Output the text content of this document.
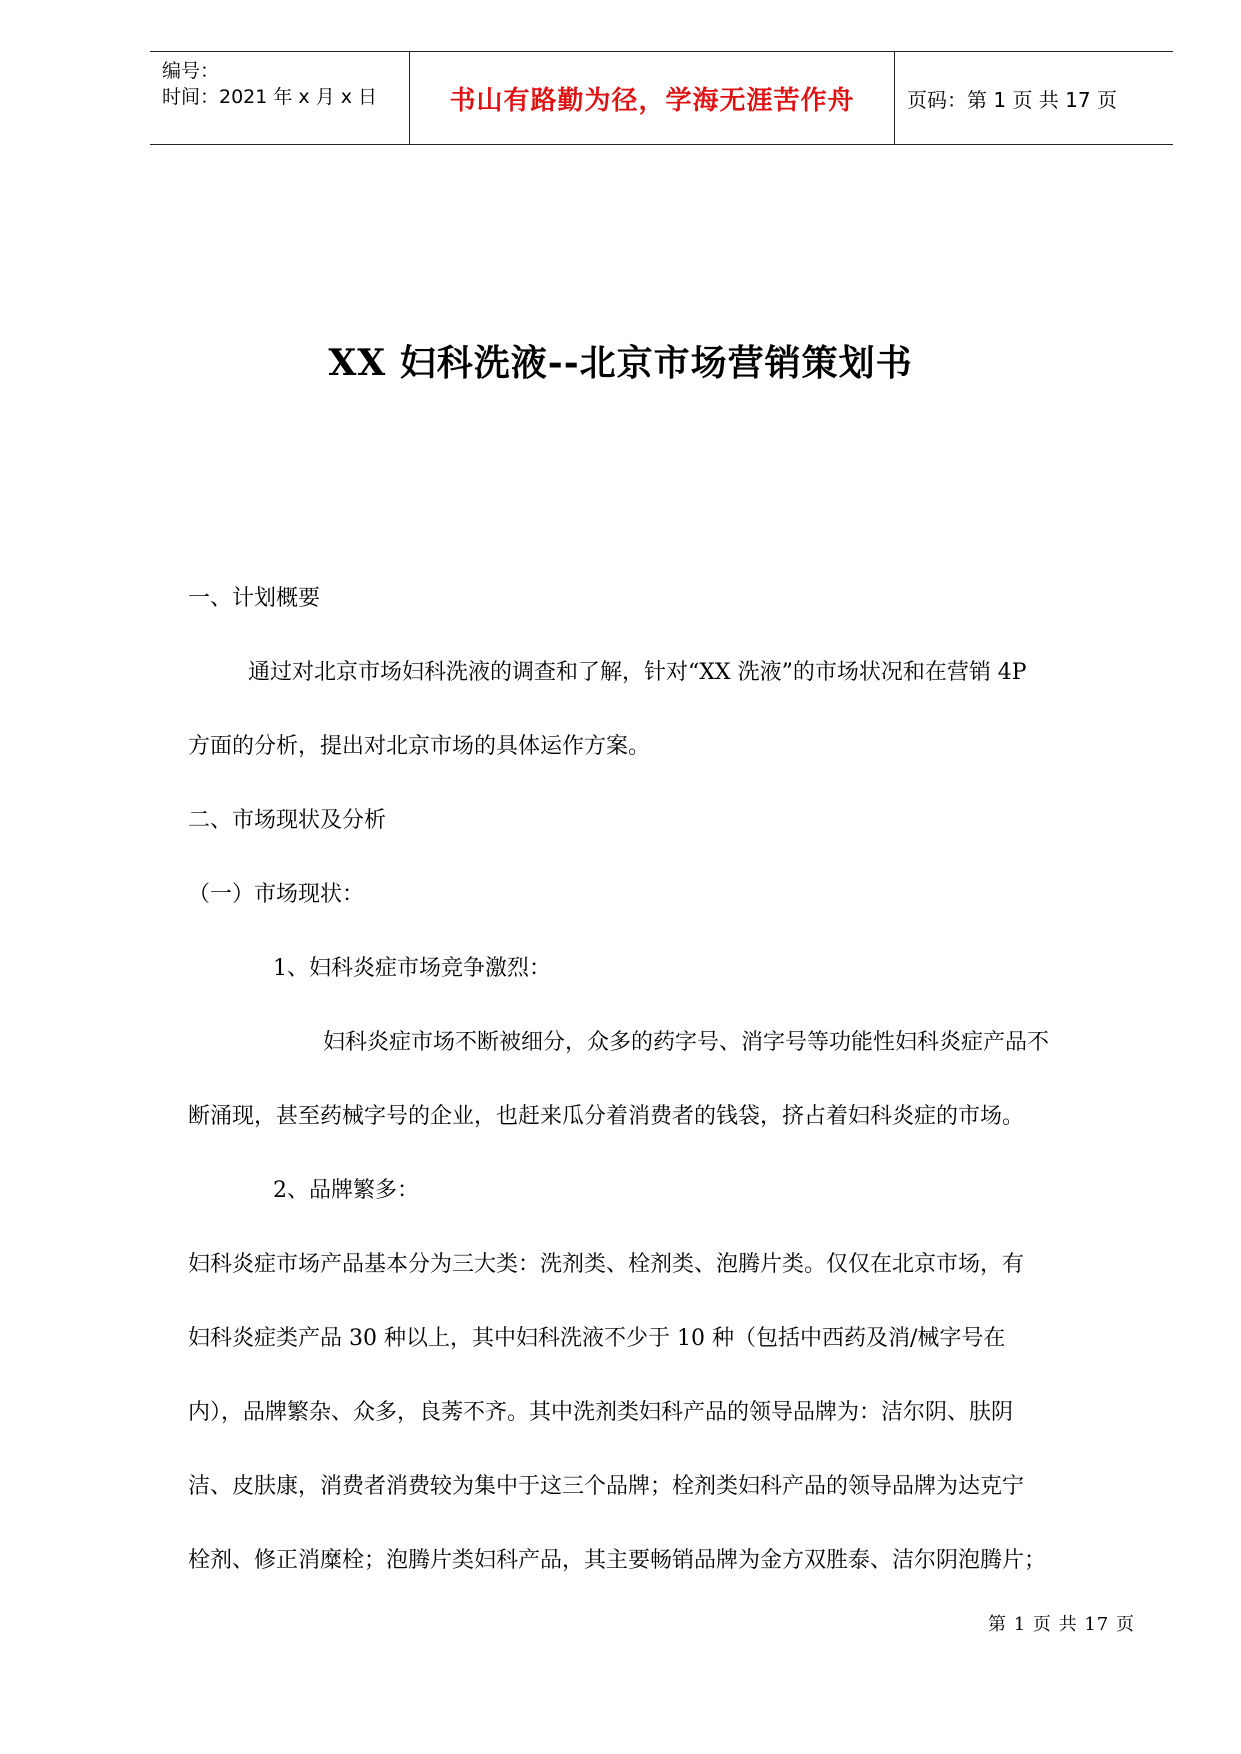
编号：
时间：2021 年 x 月 x 日	书山有路勤为径，学海无涯苦作舟	页码：第 1 页 共 17 页
XX 妇科洗液--北京市场营销策划书

一、计划概要

通过对北京市场妇科洗液的调查和了解，针对“XX 洗液”的市场状况和在营销 4P

方面的分析，提出对北京市场的具体运作方案。

二、市场现状及分析

（一）市场现状：

1、妇科炎症市场竞争激烈：

妇科炎症市场不断被细分，众多的药字号、消字号等功能性妇科炎症产品不

断涌现，甚至药械字号的企业，也赶来瓜分着消费者的钱袋，挤占着妇科炎症的市场。

2、品牌繁多：

妇科炎症市场产品基本分为三大类：洗剂类、栓剂类、泡腾片类。仅仅在北京市场，有

妇科炎症类产品 30 种以上，其中妇科洗液不少于 10 种（包括中西药及消/械字号在

内），品牌繁杂、众多，良莠不齐。其中洗剂类妇科产品的领导品牌为：洁尔阴、肤阴

洁、皮肤康，消费者消费较为集中于这三个品牌；栓剂类妇科产品的领导品牌为达克宁

栓剂、修正消糜栓；泡腾片类妇科产品，其主要畅销品牌为金方双胜泰、洁尔阴泡腾片；

第 1 页 共 17 页
